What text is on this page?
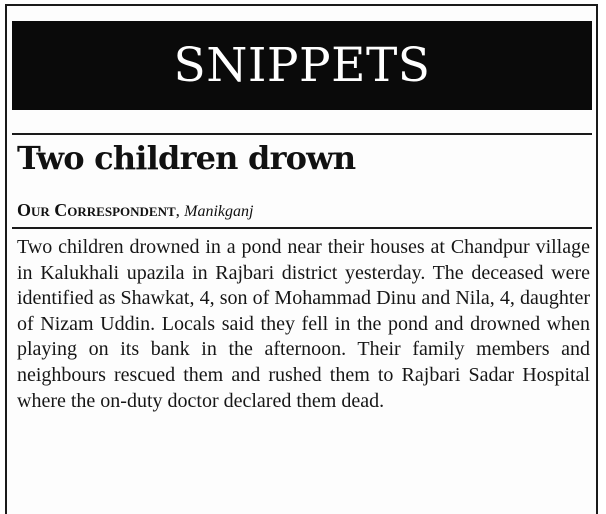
SNIPPETS
Two children drown
Our Correspondent, Manikganj

Two children drowned in a pond near their houses at Chandpur village in Kalukhali upazila in Rajbari district yesterday. The deceased were identified as Shawkat, 4, son of Mohammad Dinu and Nila, 4, daughter of Nizam Uddin. Locals said they fell in the pond and drowned when playing on its bank in the afternoon. Their family members and neighbours rescued them and rushed them to Rajbari Sadar Hospital where the on-duty doctor declared them dead.
